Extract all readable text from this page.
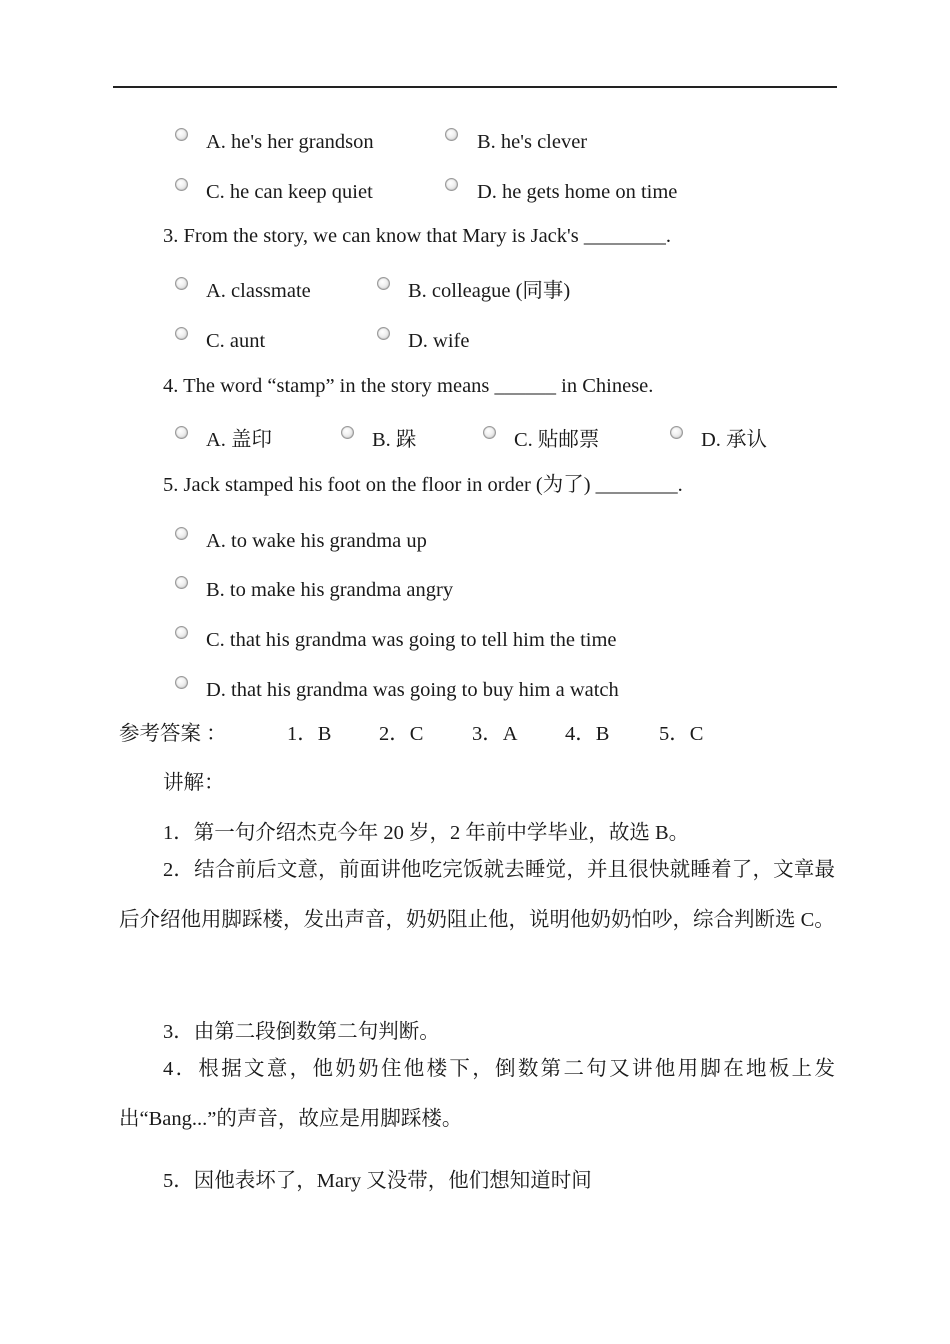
A. he's her grandson	B. he's clever
C. he can keep quiet	D. he gets home on time
3. From the story, we can know that Mary is Jack's ________.
A. classmate	B. colleague (同事)
C. aunt	D. wife
4. The word “stamp” in the story means ______ in Chinese.
A. 盖印	B. 跺	C. 贴邮票	D. 承认
5. Jack stamped his foot on the floor in order (为了) ________.
A. to wake his grandma up
B. to make his grandma angry
C. that his grandma was going to tell him the time
D. that his grandma was going to buy him a watch
参考答案 ：	1．B 2．C 3．A 4．B 5．C
讲解：
1．第一句介绍杰克今年 20 岁，2 年前中学毕业，故选 B。
2．结合前后文意，前面讲他吃完饭就去睡觉，并且很快就睡着了，文章最后介绍他用脚踩楼，发出声音，奶奶阻止他，说明他奶奶怕吵，综合判断选 C。
3．由第二段倒数第二句判断。
4．根据文意，他奶奶住他楼下，倒数第二句又讲他用脚在地板上发出“Bang...”的声音，故应是用脚踩楼。
5．因他表坏了，Mary 又没带，他们想知道时间
